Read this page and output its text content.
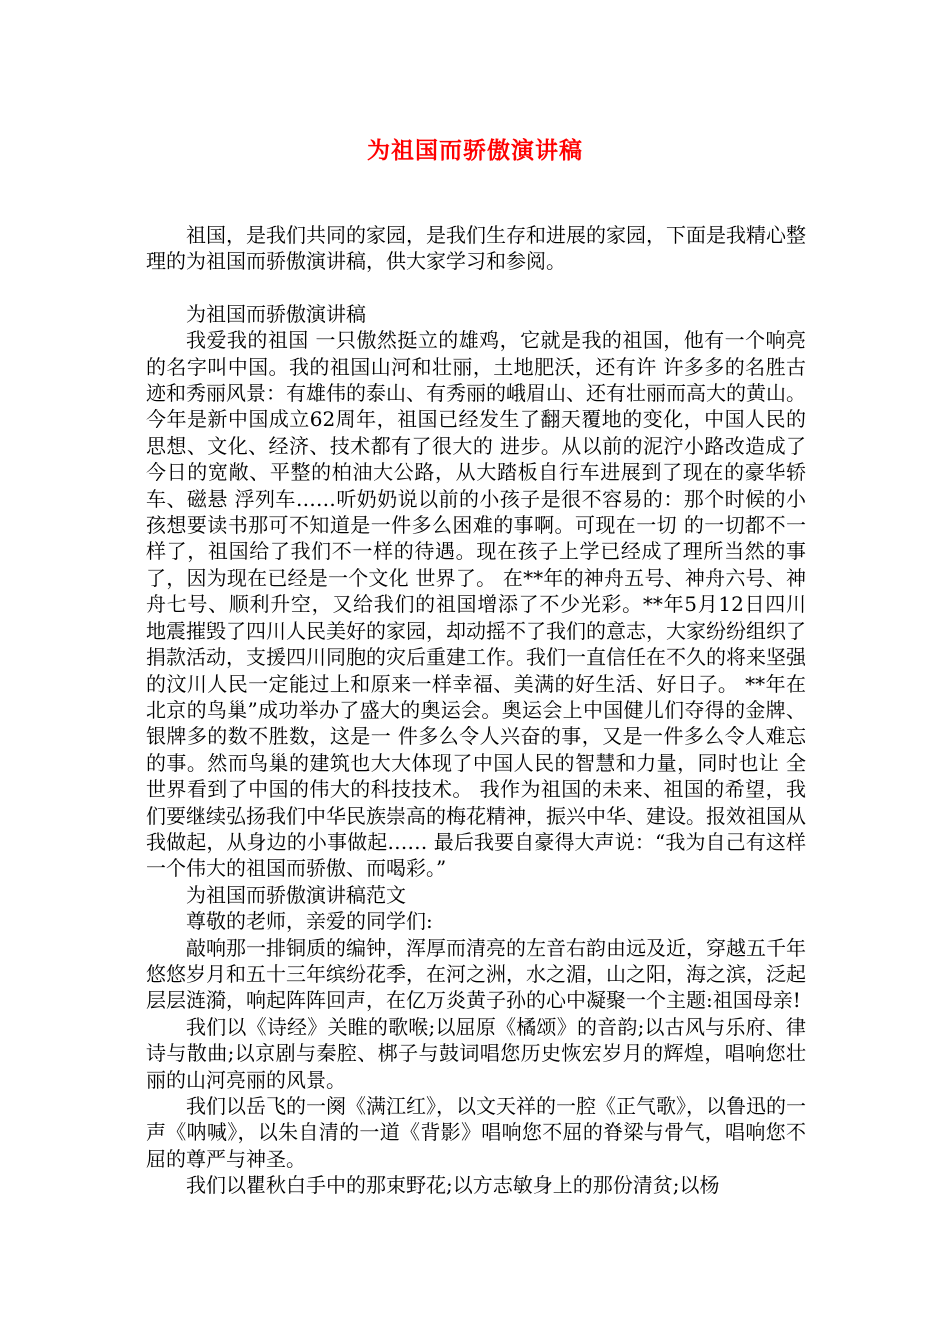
为祖国而骄傲演讲稿

祖国，是我们共同的家园，是我们生存和进展的家园，下面是我精心整理的为祖国而骄傲演讲稿，供大家学习和参阅。

为祖国而骄傲演讲稿

我爱我的祖国 一只傲然挺立的雄鸡，它就是我的祖国，他有一个响亮的名字叫中国。我的祖国山河和壮丽，土地肥沃，还有许 许多多的名胜古迹和秀丽风景：有雄伟的泰山、有秀丽的峨眉山、还有壮丽而高大的黄山。 今年是新中国成立62周年，祖国已经发生了翻天覆地的变化，中国人民的思想、文化、经济、技术都有了很大的 进步。从以前的泥泞小路改造成了今日的宽敞、平整的柏油大公路，从大踏板自行车进展到了现在的豪华轿车、磁悬 浮列车……听奶奶说以前的小孩子是很不容易的：那个时候的小孩想要读书那可不知道是一件多么困难的事啊。可现在一切 的一切都不一样了，祖国给了我们不一样的待遇。现在孩子上学已经成了理所当然的事了，因为现在已经是一个文化 世界了。 在**年的神舟五号、神舟六号、神舟七号、顺利升空，又给我们的祖国增添了不少光彩。**年5月12日四川 地震摧毁了四川人民美好的家园，却动摇不了我们的意志，大家纷纷组织了捐款活动，支援四川同胞的灾后重建工作。我们一直信任在不久的将来坚强的汶川人民一定能过上和原来一样幸福、美满的好生活、好日子。 **年在北京的鸟巢”成功举办了盛大的奥运会。奥运会上中国健儿们夺得的金牌、银牌多的数不胜数，这是一 件多么令人兴奋的事，又是一件多么令人难忘的事。然而鸟巢的建筑也大大体现了中国人民的智慧和力量，同时也让 全世界看到了中国的伟大的科技技术。 我作为祖国的未来、祖国的希望，我们要继续弘扬我们中华民族崇高的梅花精神，振兴中华、建设。报效祖国从 我做起，从身边的小事做起…… 最后我要自豪得大声说：“我为自己有这样一个伟大的祖国而骄傲、而喝彩。”

为祖国而骄傲演讲稿范文

尊敬的老师，亲爱的同学们:

敲响那一排铜质的编钟，浑厚而清亮的左音右韵由远及近，穿越五千年悠悠岁月和五十三年缤纷花季，在河之洲，水之湄，山之阳，海之滨，泛起层层涟漪，响起阵阵回声，在亿万炎黄子孙的心中凝聚一个主题:祖国母亲!

我们以《诗经》关睢的歌喉;以屈原《橘颂》的音韵;以古风与乐府、律诗与散曲;以京剧与秦腔、梆子与鼓词唱您历史恢宏岁月的辉煌，唱响您壮丽的山河亮丽的风景。

我们以岳飞的一阕《满江红》，以文天祥的一腔《正气歌》，以鲁迅的一声《呐喊》，以朱自清的一道《背影》唱响您不屈的脊梁与骨气，唱响您不屈的尊严与神圣。

我们以瞿秋白手中的那束野花;以方志敏身上的那份清贫;以杨
